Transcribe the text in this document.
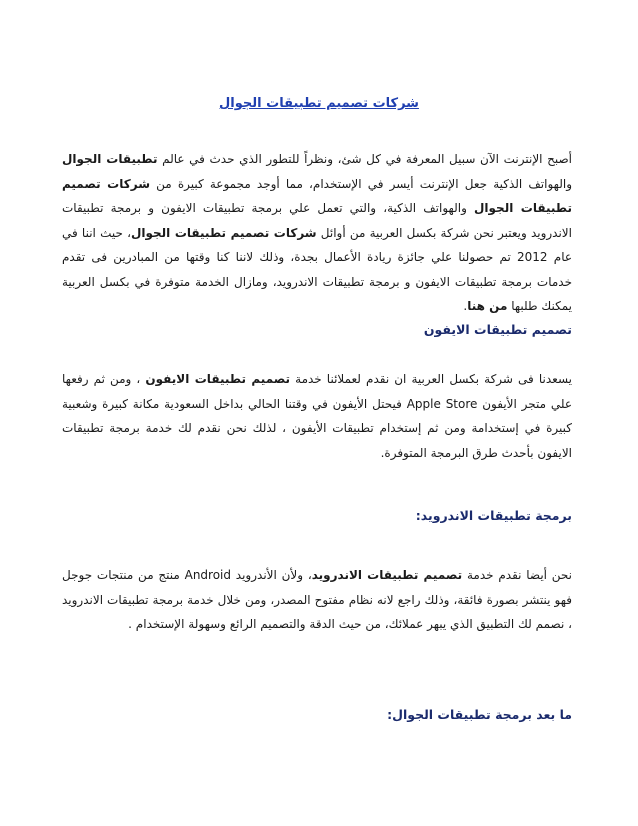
شركات تصميم تطبيقات الجوال

أصبح الإنترنت الآن سبيل المعرفة في كل شئ، ونظراً للتطور الذي حدث في عالم تطبيقات الجوال والهواتف الذكية جعل الإنترنت أيسر في الإستخدام، مما أوجد مجموعة كبيرة من شركات تصميم تطبيقات الجوال والهواتف الذكية، والتي تعمل علي برمجة تطبيقات الايفون و برمجة تطبيقات الاندرويد ويعتبر نحن شركة بكسل العربية من أوائل شركات تصميم تطبيقات الجوال، حيث اننا في عام 2012 تم حصولنا علي جائزة ريادة الأعمال بجدة، وذلك لاننا كنا وقتها من المبادرين فى تقدم خدمات برمجة تطبيقات الايفون و برمجة تطبيقات الاندرويد، ومازال الخدمة متوفرة في بكسل العربية يمكنك طلبها من هنا.

تصميم تطبيقات الايفون

يسعدنا فى شركة بكسل العربية ان نقدم لعملائنا خدمة تصميم تطبيقات الايفون ، ومن ثم رفعها علي متجر الأيفون Apple Store فيحتل الأيفون في وقتنا الحالي بداخل السعودية مكانة كبيرة وشعبية كبيرة في إستخدامة ومن ثم إستخدام تطبيقات الأيفون ، لذلك نحن نقدم لك خدمة برمجة تطبيقات الايفون بأحدث طرق البرمجة المتوفرة.

برمجة تطبيقات الاندرويد:

نحن أيضا نقدم خدمة تصميم تطبيقات الاندرويد، ولأن الأندرويد Android منتج من منتجات جوجل فهو ينتشر بصورة فائقة، وذلك راجع لانه نظام مفتوح المصدر، ومن خلال خدمة برمجة تطبيقات الاندرويد ، نصمم لك التطبيق الذي يبهر عملائك، من حيث الدقة والتصميم الرائع وسهولة الإستخدام .

ما بعد برمجة تطبيقات الجوال:
